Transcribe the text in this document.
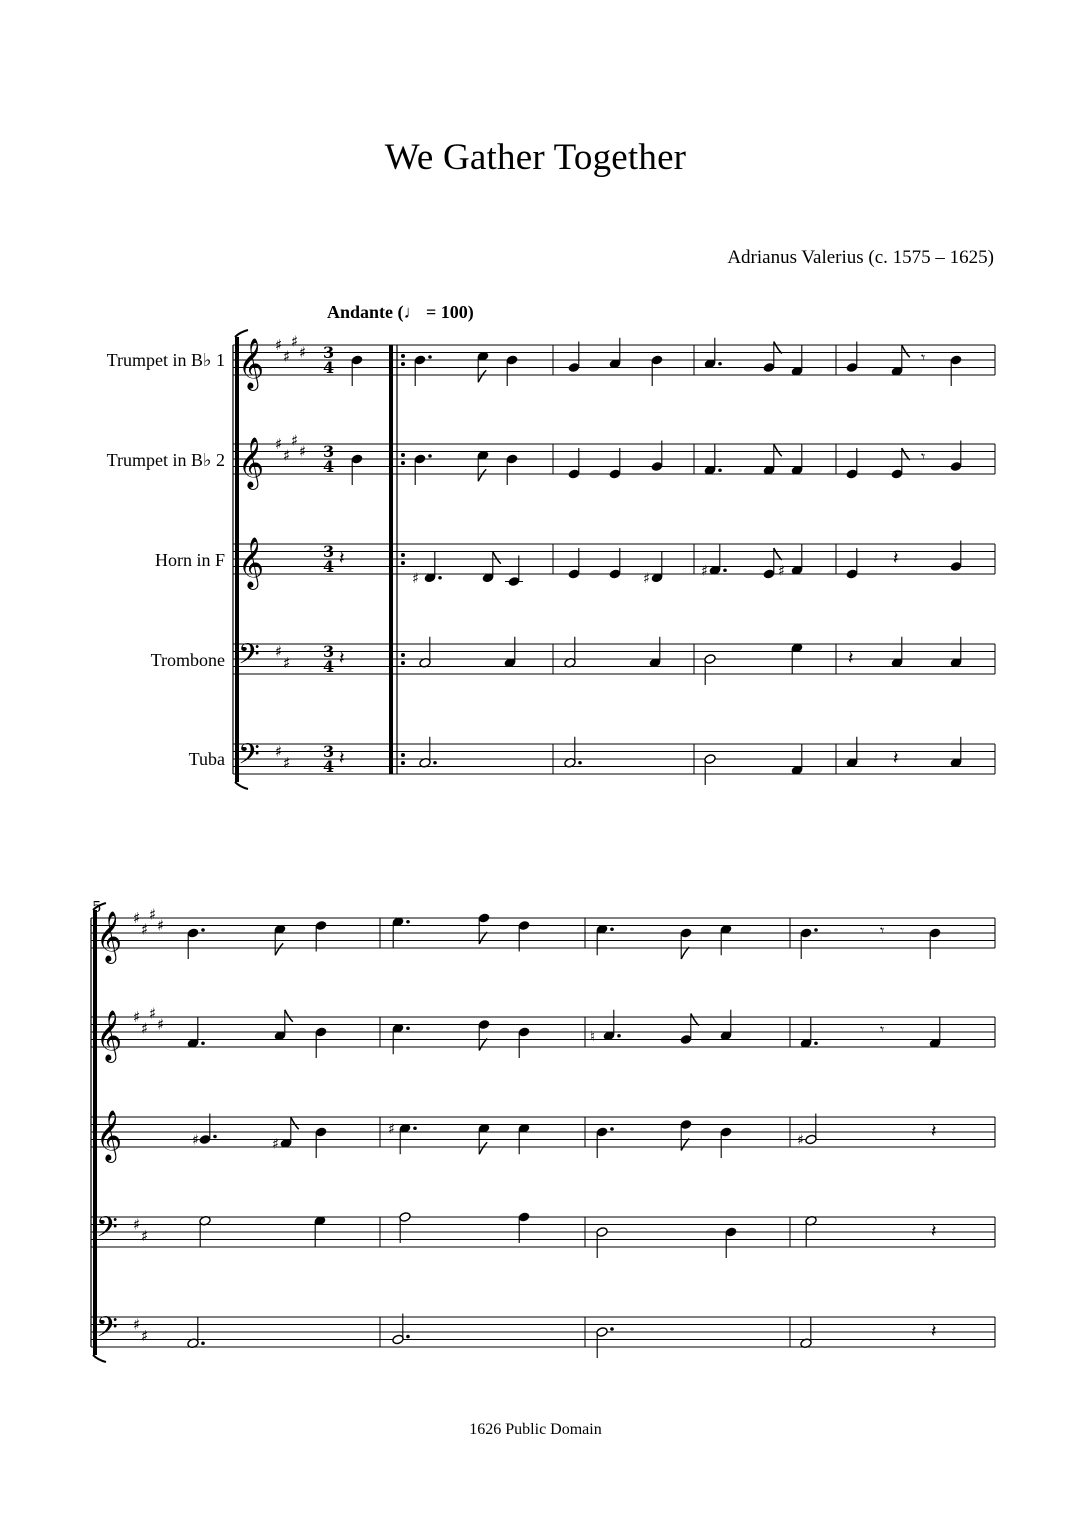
We Gather Together
Adrianus Valerius (c. 1575 – 1625)
Andante (♩ = 100)
Trumpet in B♭ 1
Trumpet in B♭ 2
Horn in F
Trombone
Tuba
5
𝄞 ♯
♯
♯
♯ 3
4
𝄞 ♯
♯
♯
♯ 3
4
𝄞	3
4
𝄢 ♯
♯
3
4
𝄢 ♯
♯
3
4
𝄞 ♯
♯
♯
♯
𝄞 ♯
♯
♯
♯
𝄞
𝄢 ♯
♯
𝄢 ♯
♯
𝄾
𝄾
𝄽	𝄽
𝄽	𝄽
𝄽	𝄽
𝄾
𝄾
𝄽
𝄽
𝄽
♯	♯	♯	♯
♯	♯
♯
♯
♮
1626 Public Domain
